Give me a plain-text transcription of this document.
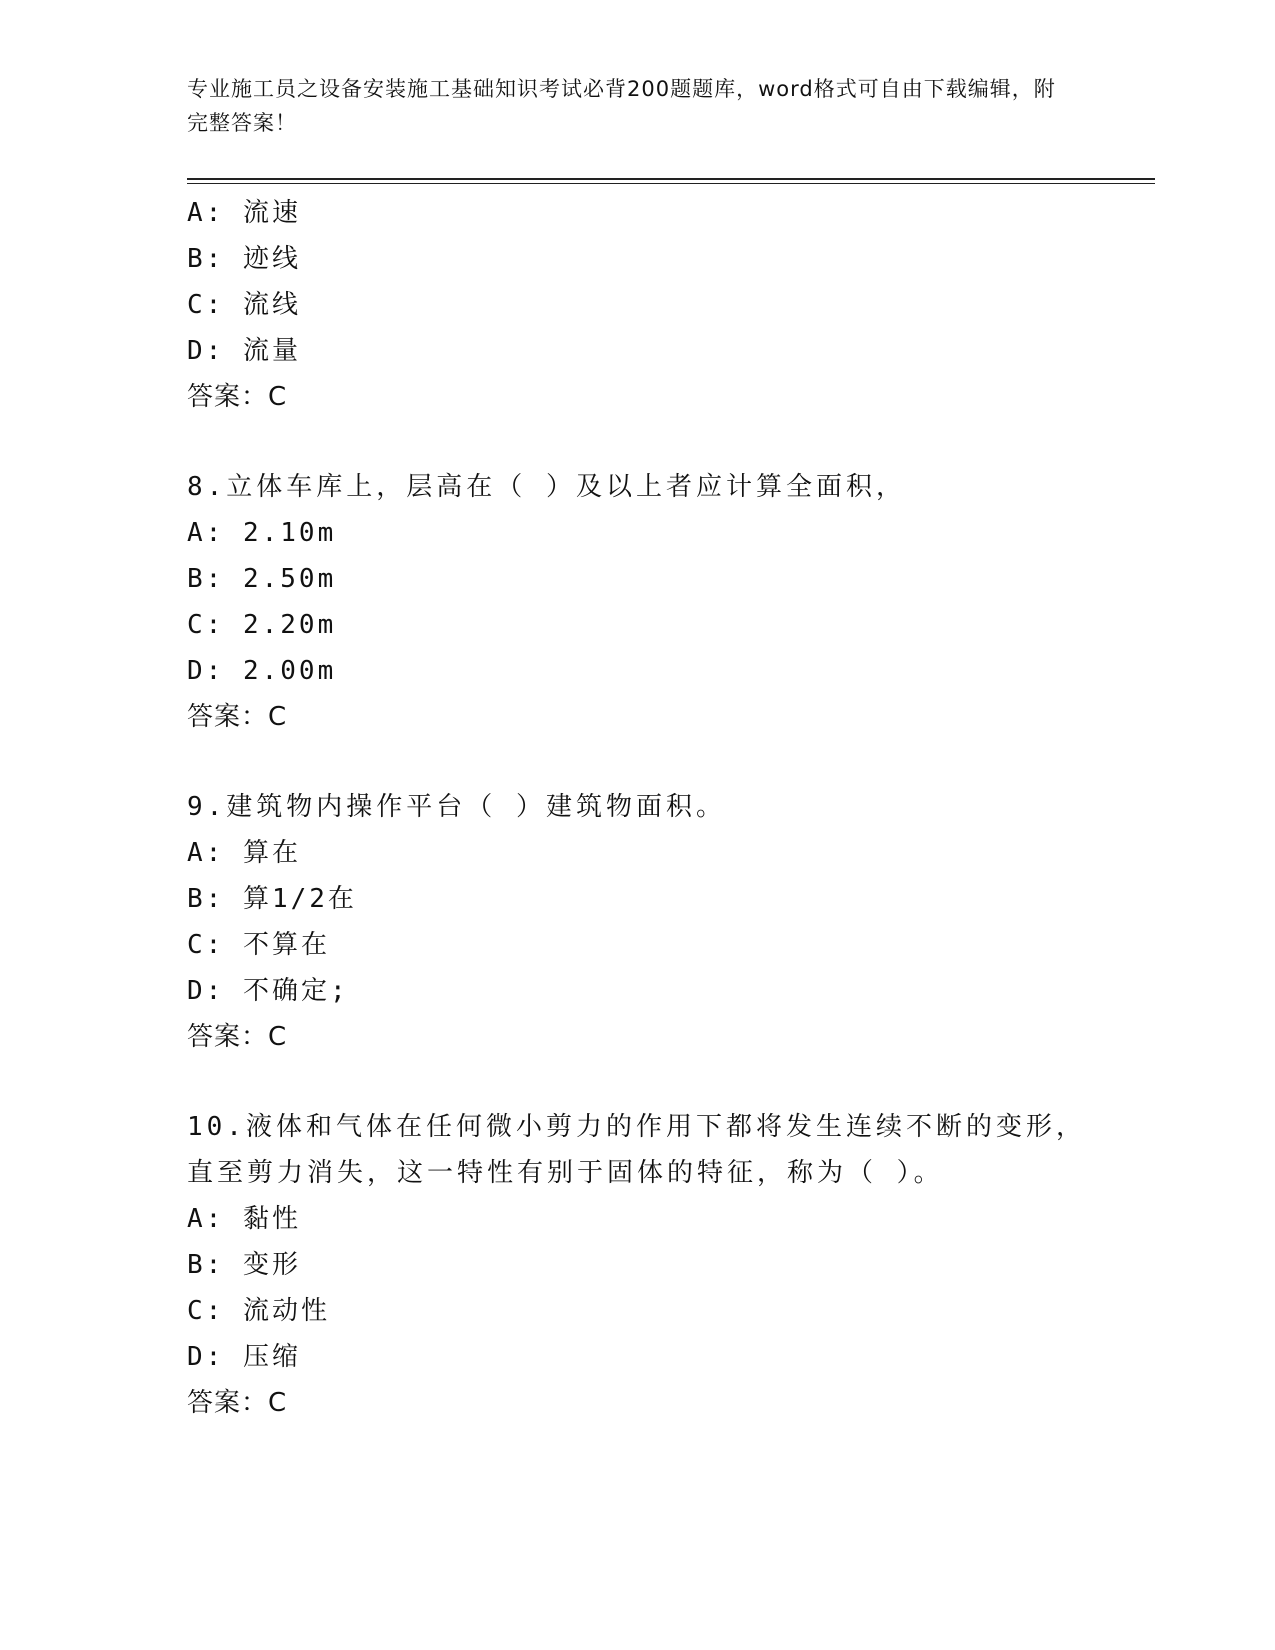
专业施工员之设备安装施工基础知识考试必背200题题库，word格式可自由下载编辑，附完整答案！
A: 流速
B: 迹线
C: 流线
D: 流量
答案：C
8.立体车库上，层高在（ ）及以上者应计算全面积，
A: 2.10m
B: 2.50m
C: 2.20m
D: 2.00m
答案：C
9.建筑物内操作平台（ ）建筑物面积。
A: 算在
B: 算1/2在
C: 不算在
D: 不确定;
答案：C
10.液体和气体在任何微小剪力的作用下都将发生连续不断的变形，直至剪力消失，这一特性有别于固体的特征，称为（ ）。
A: 黏性
B: 变形
C: 流动性
D: 压缩
答案：C
